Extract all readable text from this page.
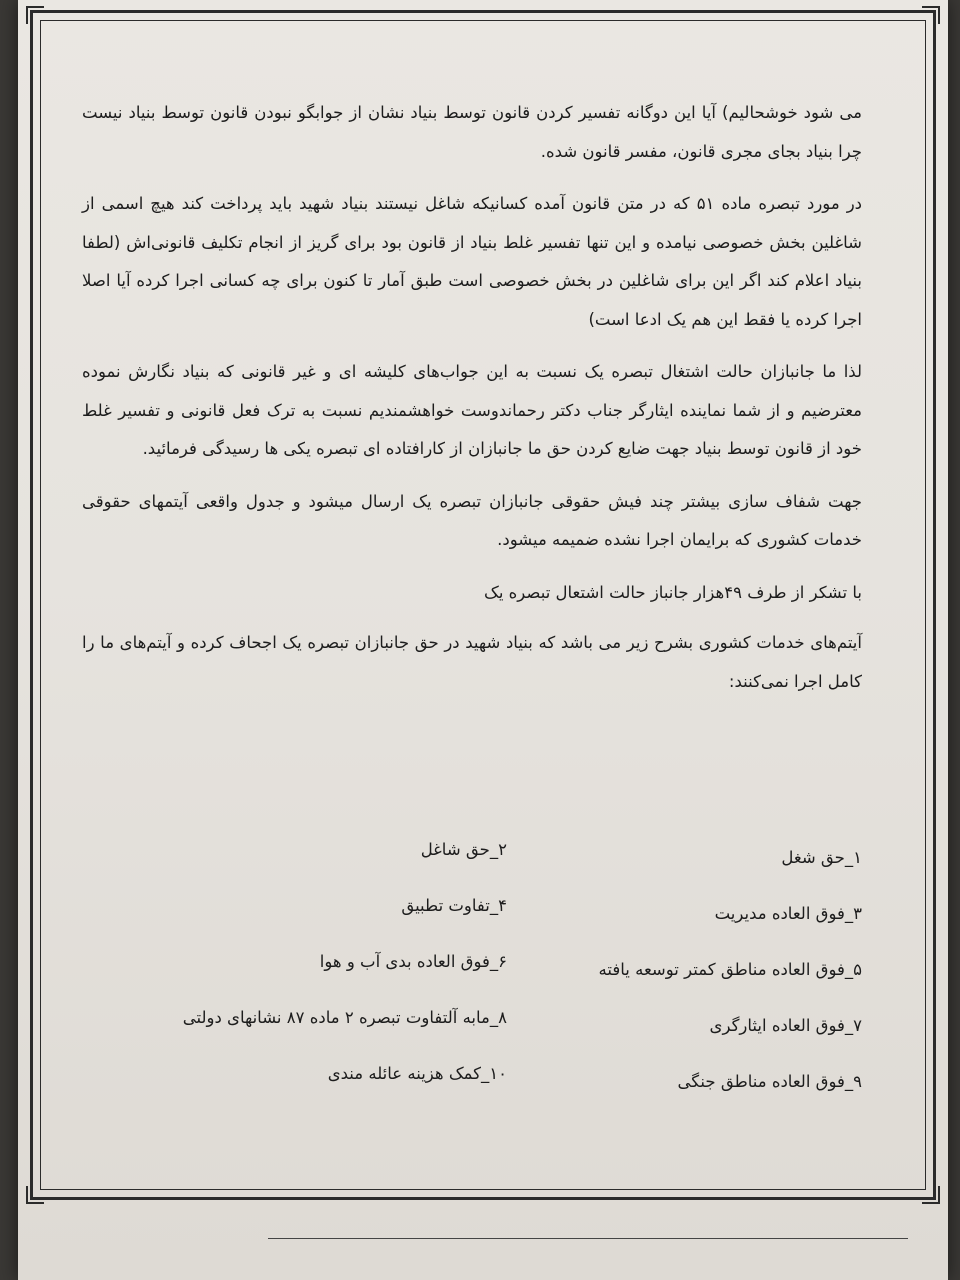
می شود خوشحالیم) آیا این دوگانه تفسیر کردن قانون توسط بنیاد نشان از جوابگو نبودن قانون توسط بنیاد نیست چرا بنیاد بجای مجری قانون، مفسر قانون شده.

در مورد تبصره ماده ۵۱ که در متن قانون آمده کسانیکه شاغل نیستند بنیاد شهید باید پرداخت کند هیچ اسمی از شاغلین بخش خصوصی نیامده و این تنها تفسیر غلط بنیاد از قانون بود برای گریز از انجام تکلیف قانونی‌اش (لطفا بنیاد اعلام کند اگر این برای شاغلین در بخش خصوصی است طبق آمار تا کنون برای چه کسانی اجرا کرده آیا اصلا اجرا کرده یا فقط این هم یک ادعا است)

لذا ما جانبازان حالت اشتغال تبصره یک نسبت به این جواب‌های کلیشه ای و غیر قانونی که بنیاد نگارش نموده معترضیم و از شما نماینده ایثارگر جناب دکتر رحماندوست خواهشمندیم نسبت به ترک فعل قانونی و تفسیر غلط خود از قانون توسط بنیاد جهت ضایع کردن حق ما جانبازان از کارافتاده ای تبصره یکی ها رسیدگی فرمائید.

جهت شفاف سازی بیشتر چند فیش حقوقی جانبازان تبصره یک ارسال میشود و جدول واقعی آیتمهای حقوقی خدمات کشوری که برایمان اجرا نشده ضمیمه میشود.

با تشکر از طرف ۴۹هزار جانباز حالت اشتعال تبصره یک

آیتم‌های خدمات کشوری بشرح زیر می باشد که بنیاد شهید در حق جانبازان تبصره یک اجحاف کرده و آیتم‌های ما را کامل اجرا نمی‌کنند:

۱_حق شغل
۲_حق شاغل
۳_فوق العاده مدیریت
۴_تفاوت تطبیق
۵_فوق العاده مناطق کمتر توسعه یافته
۶_فوق العاده بدی آب و هوا
۷_فوق العاده ایثارگری
۸_مابه آلتفاوت تبصره ۲ ماده ۸۷ نشانهای دولتی
۹_فوق العاده مناطق جنگی
۱۰_کمک هزینه عائله مندی
